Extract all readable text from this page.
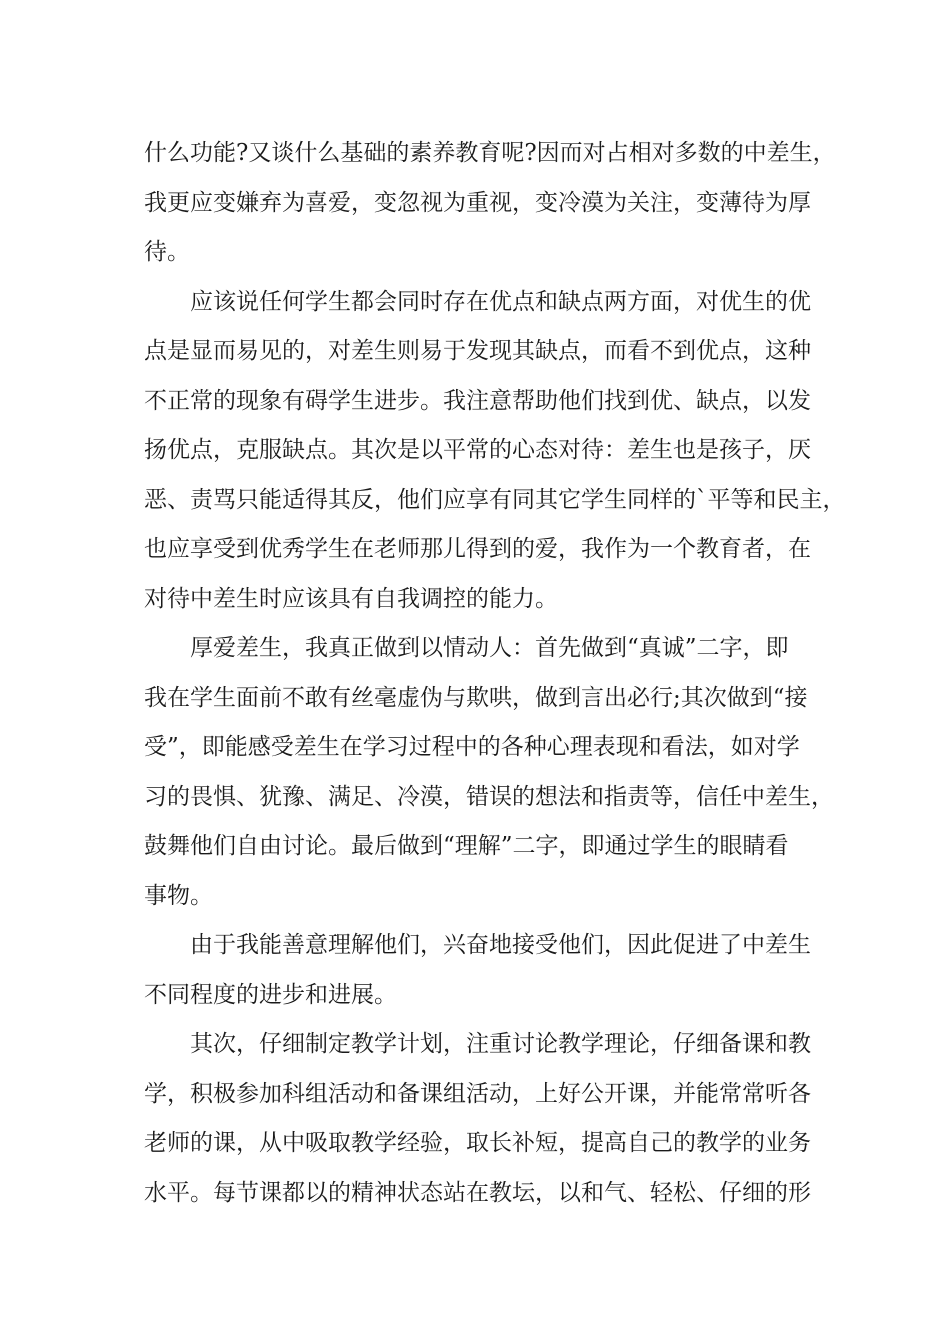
什么功能?又谈什么基础的素养教育呢?因而对占相对多数的中差生，
我更应变嫌弃为喜爱，变忽视为重视，变冷漠为关注，变薄待为厚
待。

应该说任何学生都会同时存在优点和缺点两方面，对优生的优
点是显而易见的，对差生则易于发现其缺点，而看不到优点，这种
不正常的现象有碍学生进步。我注意帮助他们找到优、缺点，以发
扬优点，克服缺点。其次是以平常的心态对待：差生也是孩子，厌
恶、责骂只能适得其反，他们应享有同其它学生同样的`平等和民主，
也应享受到优秀学生在老师那儿得到的爱，我作为一个教育者，在
对待中差生时应该具有自我调控的能力。

厚爱差生，我真正做到以情动人：首先做到“真诚”二字，即
我在学生面前不敢有丝毫虚伪与欺哄，做到言出必行;其次做到“接
受”，即能感受差生在学习过程中的各种心理表现和看法，如对学
习的畏惧、犹豫、满足、冷漠，错误的想法和指责等，信任中差生，
鼓舞他们自由讨论。最后做到“理解”二字，即通过学生的眼睛看
事物。

由于我能善意理解他们，兴奋地接受他们，因此促进了中差生
不同程度的进步和进展。

其次，仔细制定教学计划，注重讨论教学理论，仔细备课和教
学，积极参加科组活动和备课组活动，上好公开课，并能常常听各
老师的课，从中吸取教学经验，取长补短，提高自己的教学的业务
水平。每节课都以的精神状态站在教坛，以和气、轻松、仔细的形
